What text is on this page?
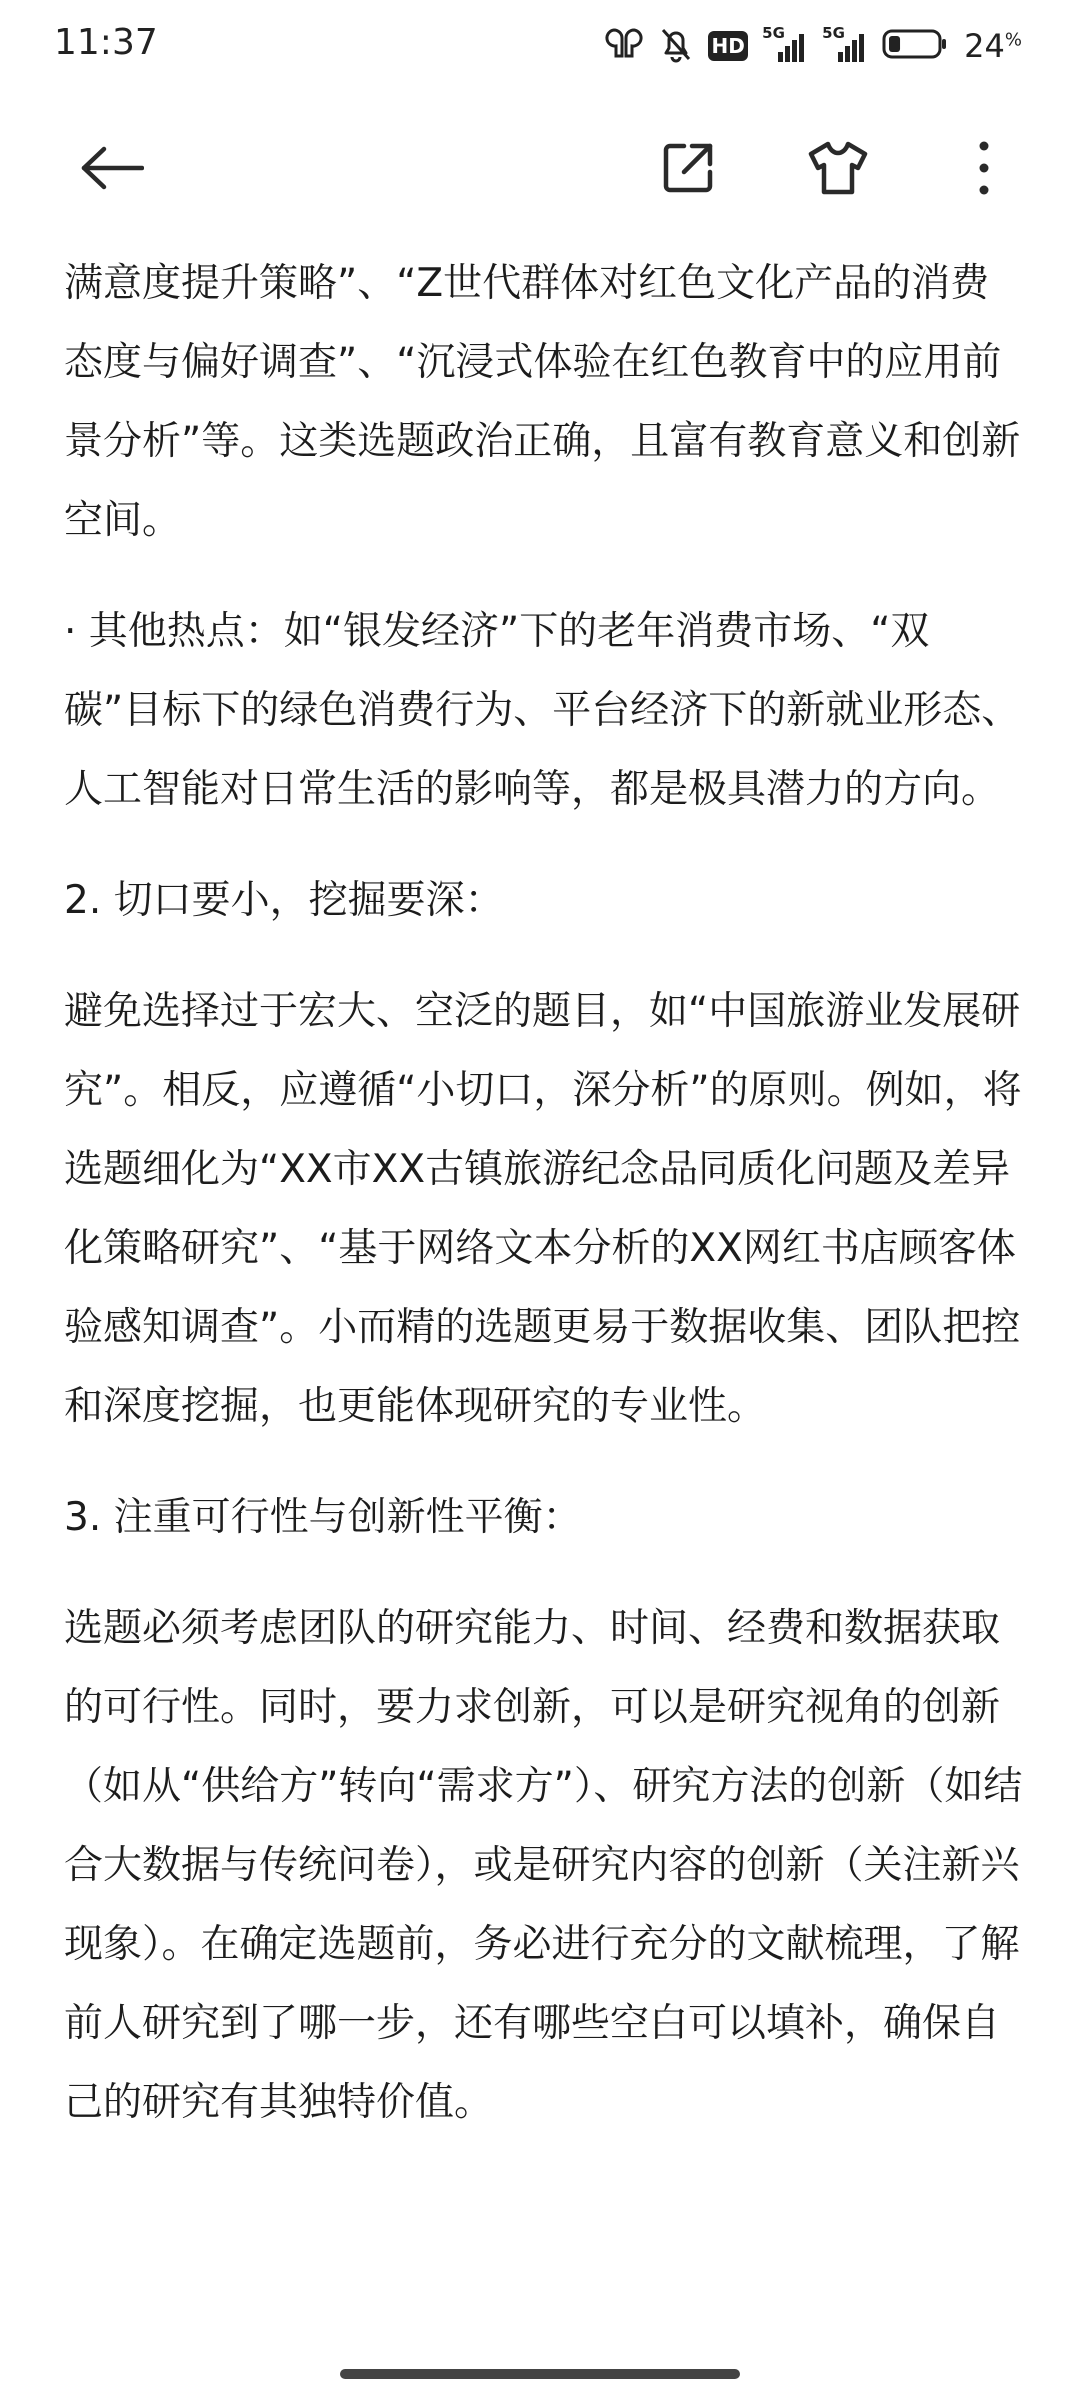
11:37	HD
5G 5G	24%

满意度提升策略”、“Z世代群体对红色文化产品的消费态度与偏好调查”、“沉浸式体验在红色教育中的应用前景分析”等。这类选题政治正确，且富有教育意义和创新空间。

· 其他热点：如“银发经济”下的老年消费市场、“双碳”目标下的绿色消费行为、平台经济下的新就业形态、人工智能对日常生活的影响等，都是极具潜力的方向。

2. 切口要小，挖掘要深：

避免选择过于宏大、空泛的题目，如“中国旅游业发展研究”。相反，应遵循“小切口，深分析”的原则。例如，将选题细化为“XX市XX古镇旅游纪念品同质化问题及差异化策略研究”、“基于网络文本分析的XX网红书店顾客体验感知调查”。小而精的选题更易于数据收集、团队把控和深度挖掘，也更能体现研究的专业性。

3. 注重可行性与创新性平衡：

选题必须考虑团队的研究能力、时间、经费和数据获取的可行性。同时，要力求创新，可以是研究视角的创新（如从“供给方”转向“需求方”）、研究方法的创新（如结合大数据与传统问卷），或是研究内容的创新（关注新兴现象）。在确定选题前，务必进行充分的文献梳理，了解前人研究到了哪一步，还有哪些空白可以填补，确保自己的研究有其独特价值。
